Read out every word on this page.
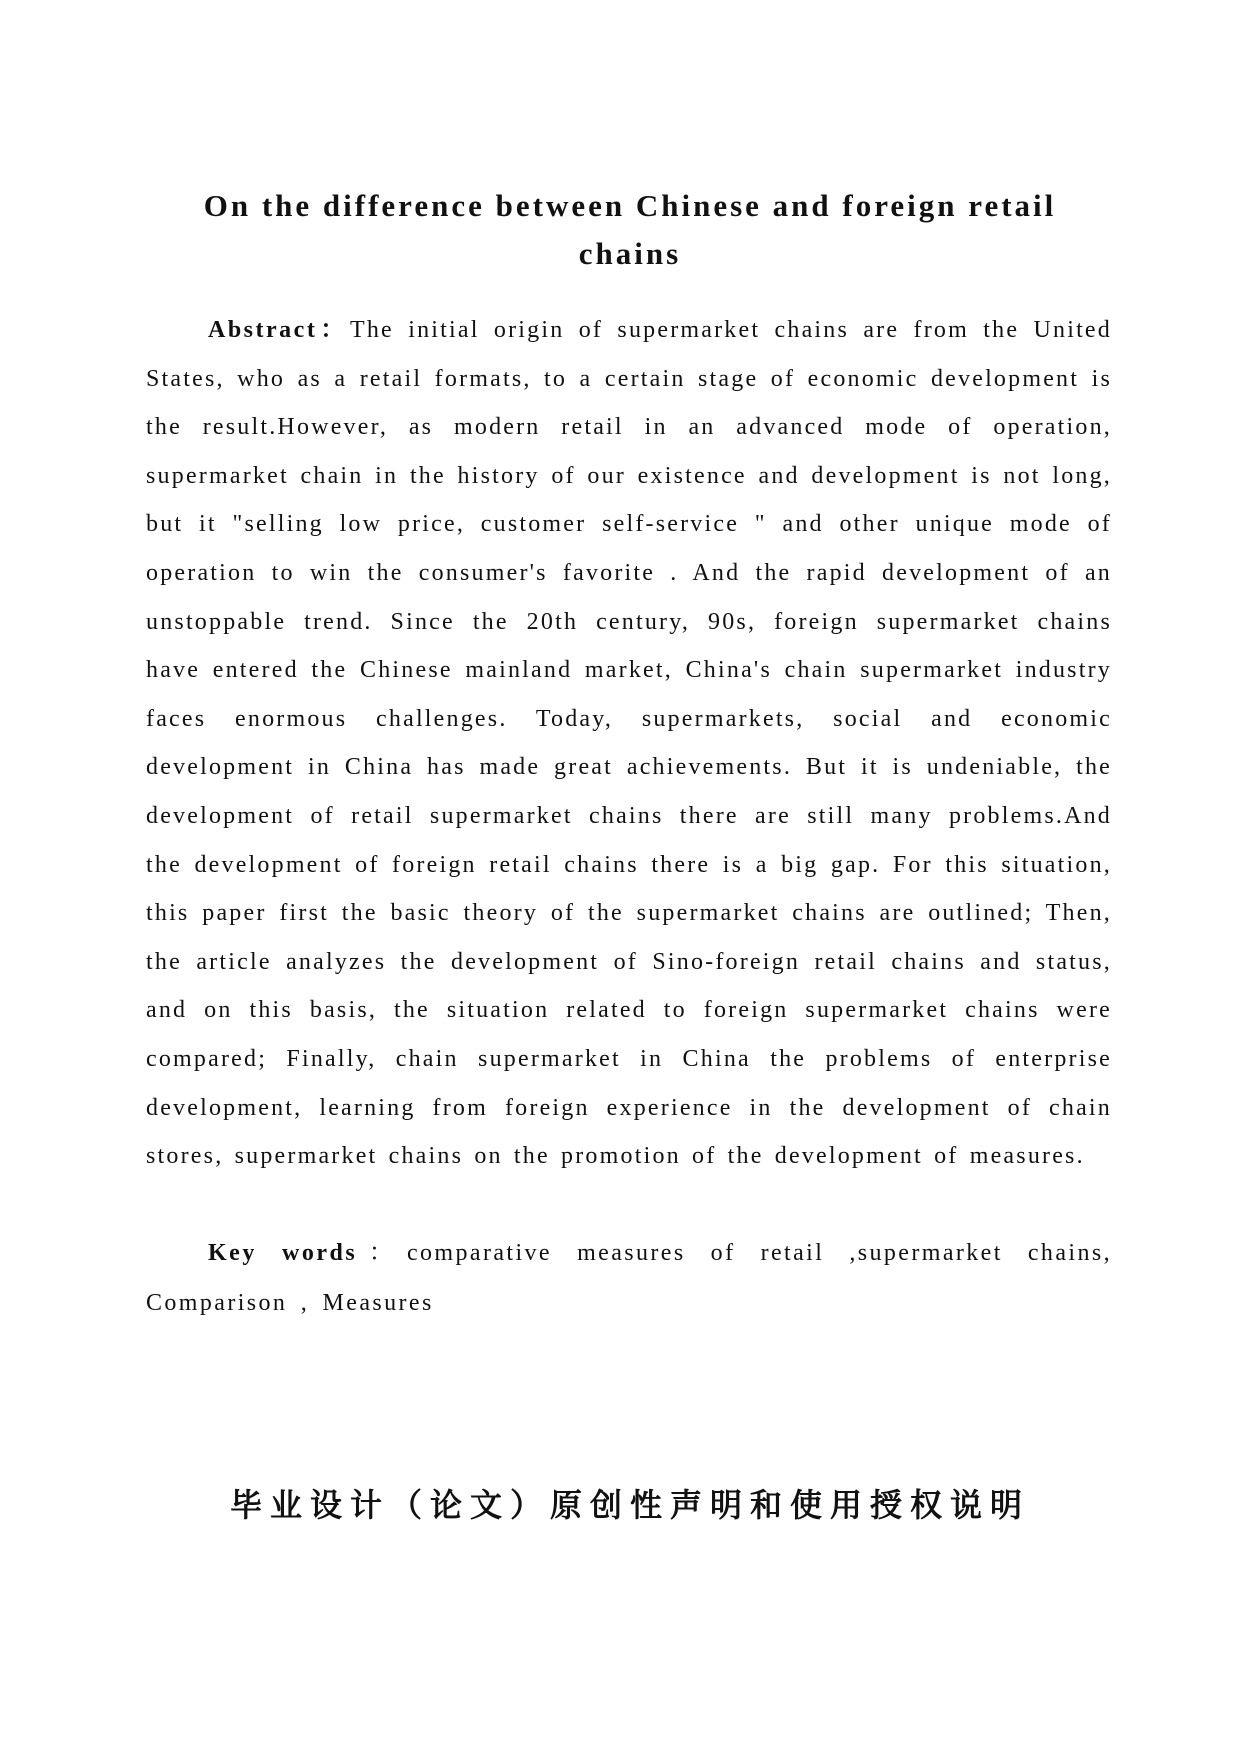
On the difference between Chinese and foreign retail chains

Abstract：The initial origin of supermarket chains are from the United States, who as a retail formats, to a certain stage of economic development is the result.However, as modern retail in an advanced mode of operation, supermarket chain in the history of our existence and development is not long, but it "selling low price, customer self-service " and other unique mode of operation to win the consumer's favorite . And the rapid development of an unstoppable trend. Since the 20th century, 90s, foreign supermarket chains have entered the Chinese mainland market, China's chain supermarket industry faces enormous challenges. Today, supermarkets, social and economic development in China has made great achievements. But it is undeniable, the development of retail supermarket chains there are still many problems.And the development of foreign retail chains there is a big gap. For this situation, this paper first the basic theory of the supermarket chains are outlined; Then, the article analyzes the development of Sino-foreign retail chains and status, and on this basis, the situation related to foreign supermarket chains were compared; Finally, chain supermarket in China the problems of enterprise development, learning from foreign experience in the development of chain stores, supermarket chains on the promotion of the development of measures.

Key words：comparative measures of retail ,supermarket chains, Comparison , Measures

毕业设计（论文）原创性声明和使用授权说明
